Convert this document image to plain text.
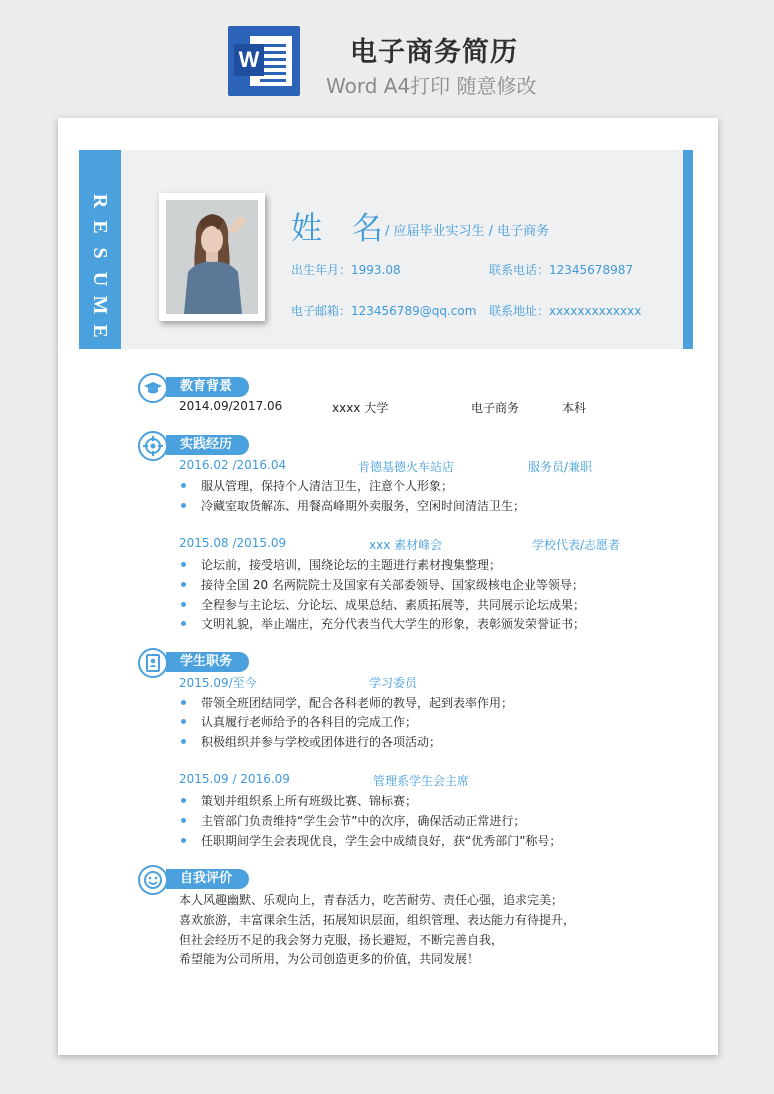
W	电子商务简历
Word A4打印 随意修改
R
E
S
U
M
E
姓 名
/ 应届毕业实习生 / 电子商务
出生年月：1993.08	联系电话：12345678987
电子邮箱：123456789@qq.com 联系地址：xxxxxxxxxxxxx
教育背景
2014.09/2017.06	xxxx 大学	电子商务	本科
实践经历
2016.02 /2016.04	肯德基德火车站店	服务员/兼职
服从管理，保持个人清洁卫生，注意个人形象；
冷藏室取货解冻、用餐高峰期外卖服务，空闲时间清洁卫生；
2015.08 /2015.09	xxx 素材峰会	学校代表/志愿者
论坛前，接受培训，围绕论坛的主题进行素材搜集整理；
接待全国 20 名两院院士及国家有关部委领导、国家级核电企业等领导；
全程参与主论坛、分论坛、成果总结、素质拓展等，共同展示论坛成果；
文明礼貌，举止端庄，充分代表当代大学生的形象，表彰颁发荣誉证书；
学生职务
2015.09/至今	学习委员
带领全班团结同学，配合各科老师的教导，起到表率作用；
认真履行老师给予的各科目的完成工作；
积极组织并参与学校或团体进行的各项活动；
2015.09 / 2016.09	管理系学生会主席
策划并组织系上所有班级比赛、锦标赛；
主管部门负责维持“学生会节”中的次序，确保活动正常进行；
任职期间学生会表现优良，学生会中成绩良好，获“优秀部门”称号；
自我评价
本人风趣幽默、乐观向上，青春活力，吃苦耐劳、责任心强，追求完美；
喜欢旅游，丰富课余生活，拓展知识层面，组织管理、表达能力有待提升，
但社会经历不足的我会努力克服，扬长避短，不断完善自我，
希望能为公司所用，为公司创造更多的价值，共同发展！
